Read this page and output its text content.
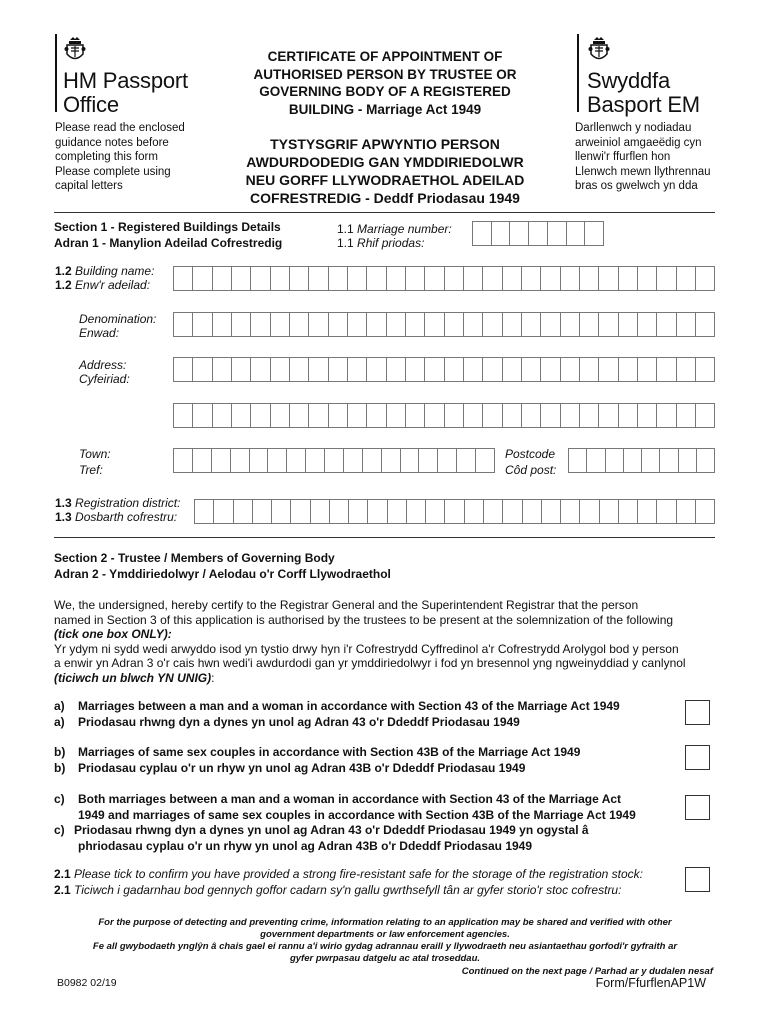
HM Passport
Office
Swyddfa
Basport EM
Please read the enclosed
guidance notes before
completing this form
Please complete using
capital letters
Darllenwch y nodiadau
arweiniol amgaeëdig cyn
llenwi'r ffurflen hon
Llenwch mewn llythrennau
bras os gwelwch yn dda
CERTIFICATE OF APPOINTMENT OF
AUTHORISED PERSON BY TRUSTEE OR
GOVERNING BODY OF A REGISTERED
BUILDING - Marriage Act 1949
TYSTYSGRIF APWYNTIO PERSON
AWDURDODEDIG GAN YMDDIRIEDOLWR
NEU GORFF LLYWODRAETHOL ADEILAD
COFRESTREDIG - Deddf Priodasau 1949
Section 1 - Registered Buildings Details
Adran 1 - Manylion Adeilad Cofrestredig
1.1 Marriage number:
1.1 Rhif priodas:
1.2 Building name:
1.2 Enw'r adeilad:
Denomination:
Enwad:
Address:
Cyfeiriad:
Town:
Tref:
Postcode
Côd post:
1.3 Registration district:
1.3 Dosbarth cofrestru:
Section 2 - Trustee / Members of Governing Body
Adran 2 - Ymddiriedolwyr / Aelodau o'r Corff Llywodraethol
We, the undersigned, hereby certify to the Registrar General and the Superintendent Registrar that the person
named in Section 3 of this application is authorised by the trustees to be present at the solemnization of the following
(tick one box ONLY):
Yr ydym ni sydd wedi arwyddo isod yn tystio drwy hyn i'r Cofrestrydd Cyffredinol a'r Cofrestrydd Arolygol bod y person
a enwir yn Adran 3 o'r cais hwn wedi'i awdurdodi gan yr ymddiriedolwyr i fod yn bresennol yng ngweinyddiad y canlynol
(ticiwch un blwch YN UNIG):
a) Marriages between a man and a woman in accordance with Section 43 of the Marriage Act 1949
a) Priodasau rhwng dyn a dynes yn unol ag Adran 43 o'r Ddeddf Priodasau 1949
b) Marriages of same sex couples in accordance with Section 43B of the Marriage Act 1949
b) Priodasau cyplau o'r un rhyw yn unol ag Adran 43B o'r Ddeddf Priodasau 1949
c) Both marriages between a man and a woman in accordance with Section 43 of the Marriage Act
1949 and marriages of same sex couples in accordance with Section 43B of the Marriage Act 1949
c) Priodasau rhwng dyn a dynes yn unol ag Adran 43 o'r Ddeddf Priodasau 1949 yn ogystal â
phriodasau cyplau o'r un rhyw yn unol ag Adran 43B o'r Ddeddf Priodasau 1949
2.1 Please tick to confirm you have provided a strong fire-resistant safe for the storage of the registration stock:
2.1 Ticiwch i gadarnhau bod gennych goffor cadarn sy'n gallu gwrthsefyll tân ar gyfer storio'r stoc cofrestru:
For the purpose of detecting and preventing crime, information relating to an application may be shared and verified with other
government departments or law enforcement agencies.
Fe all gwybodaeth ynglŷn â chais gael ei rannu a'i wirio gydag adrannau eraill y llywodraeth neu asiantaethau gorfodi'r gyfraith ar
gyfer pwrpasau datgelu ac atal troseddau.
Continued on the next page / Parhad ar y dudalen nesaf
B0982 02/19	Form/FfurflenAP1W
